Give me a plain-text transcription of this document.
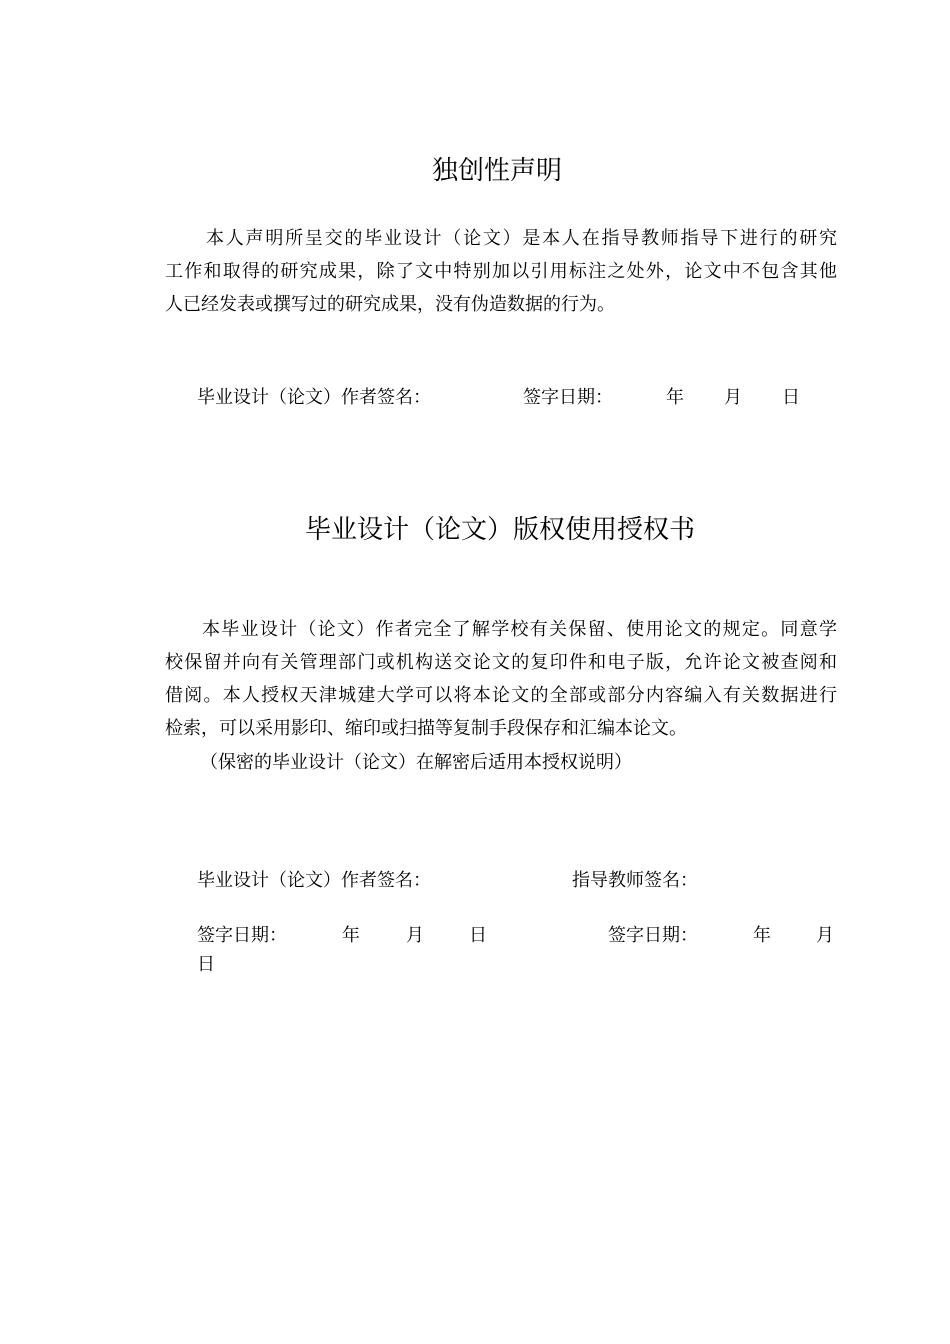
独创性声明
本人声明所呈交的毕业设计（论文）是本人在指导教师指导下进行的研究
工作和取得的研究成果，除了文中特别加以引用标注之处外，论文中不包含其他
人已经发表或撰写过的研究成果，没有伪造数据的行为。
毕业设计（论文）作者签名：	签字日期：	年 月 日
毕业设计（论文）版权使用授权书
本毕业设计（论文）作者完全了解学校有关保留、使用论文的规定。同意学
校保留并向有关管理部门或机构送交论文的复印件和电子版，允许论文被查阅和
借阅。本人授权天津城建大学可以将本论文的全部或部分内容编入有关数据进行
检索，可以采用影印、缩印或扫描等复制手段保存和汇编本论文。
（保密的毕业设计（论文）在解密后适用本授权说明）
毕业设计（论文）作者签名：	指导教师签名：
签字日期：	年	月	日	签字日期：	年	月
日
